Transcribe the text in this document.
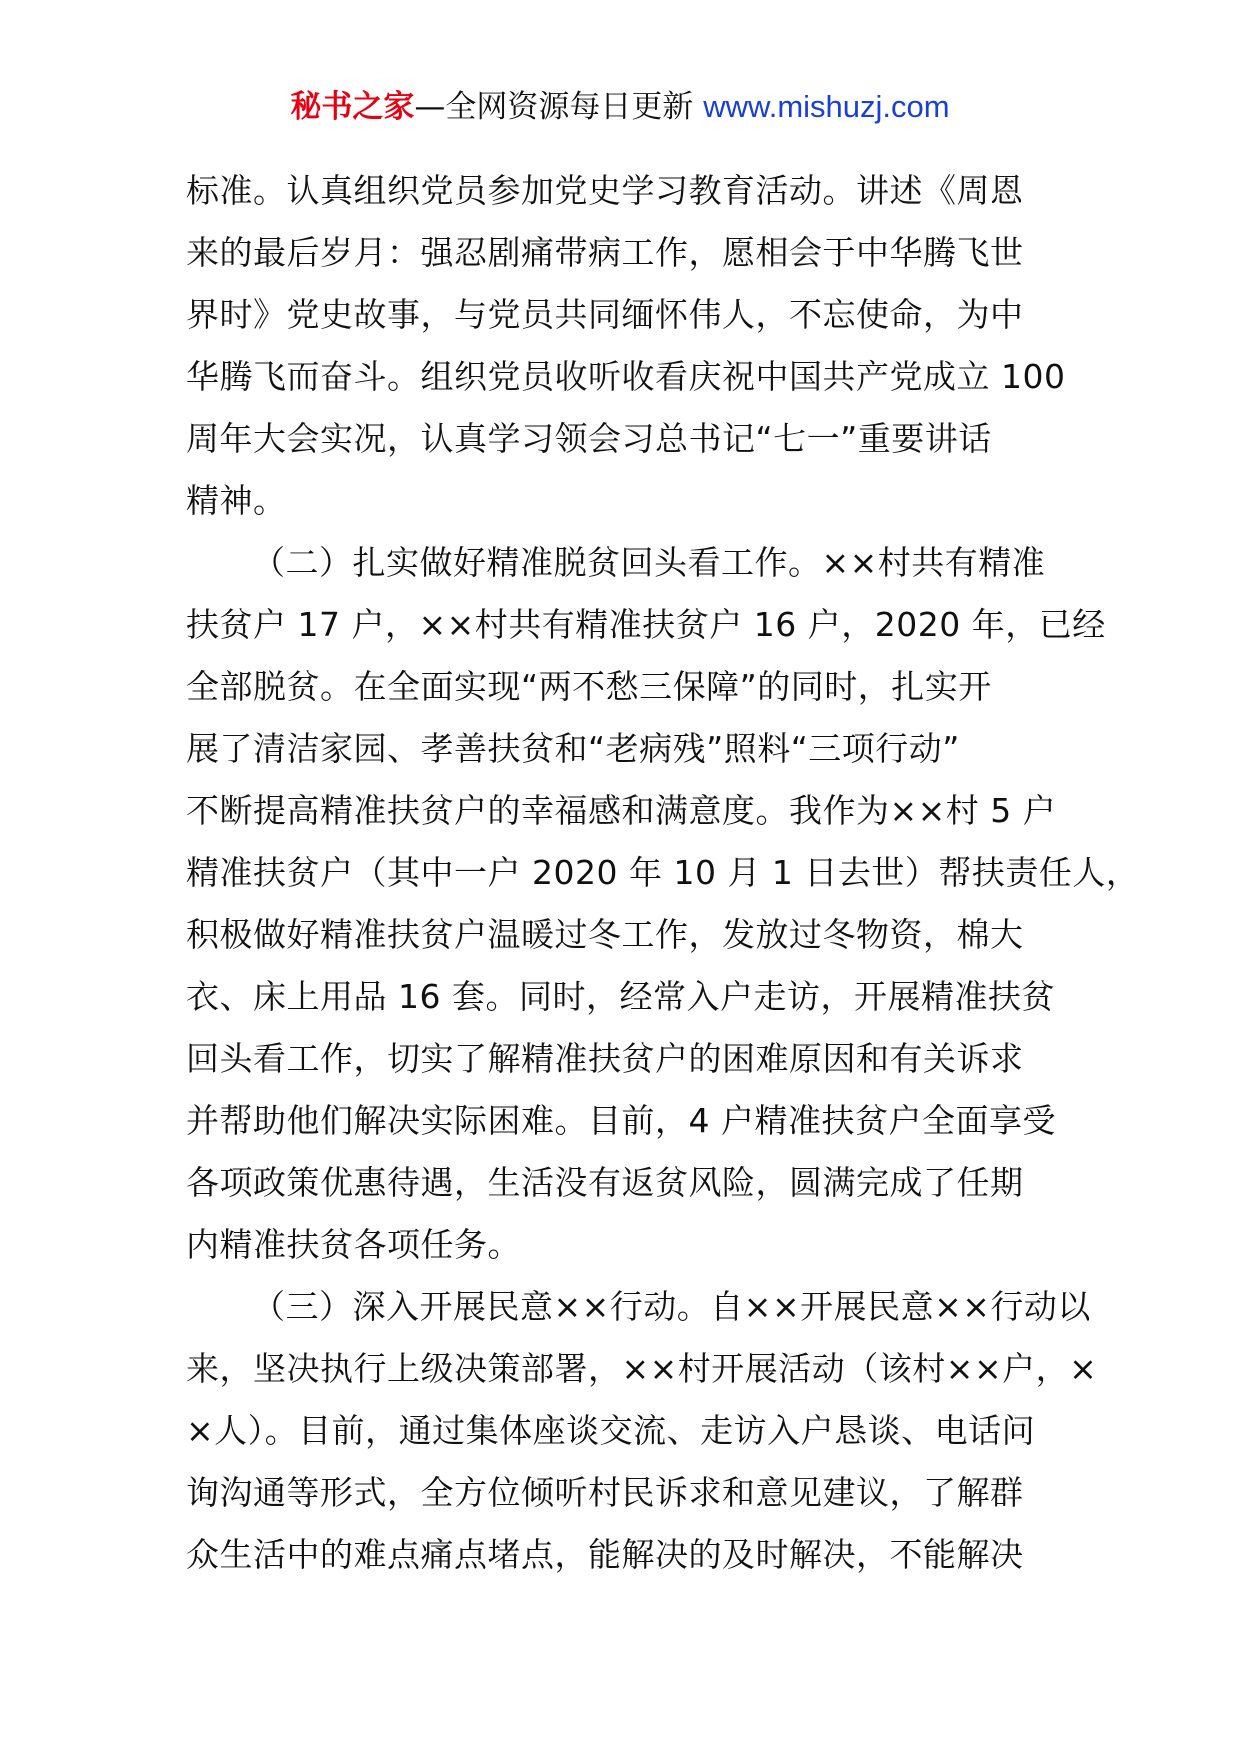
秘书之家—全网资源每日更新 www.mishuzj.com
标准。认真组织党员参加党史学习教育活动。讲述《周恩
来的最后岁月：强忍剧痛带病工作，愿相会于中华腾飞世
界时》党史故事，与党员共同缅怀伟人，不忘使命，为中
华腾飞而奋斗。组织党员收听收看庆祝中国共产党成立 100
周年大会实况，认真学习领会习总书记“七一”重要讲话
精神。
（二）扎实做好精准脱贫回头看工作。××村共有精准
扶贫户 17 户，××村共有精准扶贫户 16 户，2020 年，已经
全部脱贫。在全面实现“两不愁三保障”的同时，扎实开
展了清洁家园、孝善扶贫和“老病残”照料“三项行动”
不断提高精准扶贫户的幸福感和满意度。我作为××村 5 户
精准扶贫户（其中一户 2020 年 10 月 1 日去世）帮扶责任人，
积极做好精准扶贫户温暖过冬工作，发放过冬物资，棉大
衣、床上用品 16 套。同时，经常入户走访，开展精准扶贫
回头看工作，切实了解精准扶贫户的困难原因和有关诉求
并帮助他们解决实际困难。目前，4 户精准扶贫户全面享受
各项政策优惠待遇，生活没有返贫风险，圆满完成了任期
内精准扶贫各项任务。
（三）深入开展民意××行动。自××开展民意××行动以
来，坚决执行上级决策部署，××村开展活动（该村××户，×
×人）。目前，通过集体座谈交流、走访入户恳谈、电话问
询沟通等形式，全方位倾听村民诉求和意见建议，了解群
众生活中的难点痛点堵点，能解决的及时解决，不能解决
